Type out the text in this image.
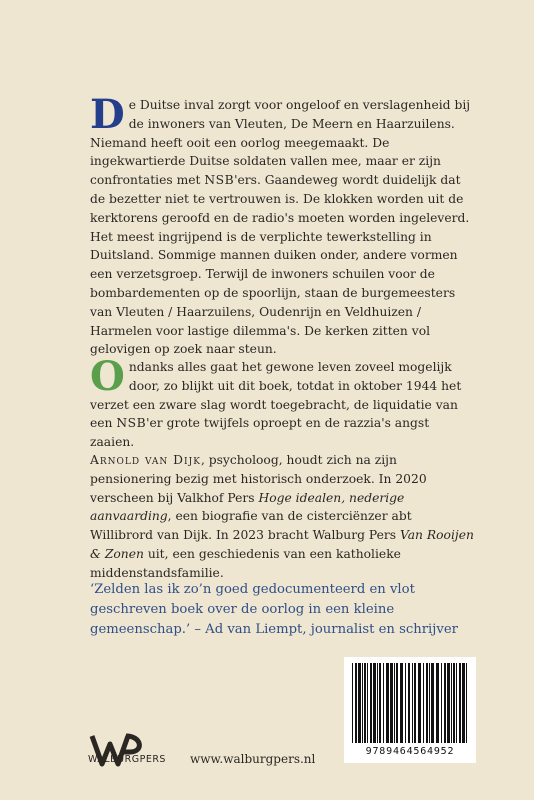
De Duitse inval zorgt voor ongeloof en verslagenheid bij de inwoners van Vleuten, De Meern en Haarzuilens. Niemand heeft ooit een oorlog meegemaakt. De ingekwartierde Duitse soldaten vallen mee, maar er zijn confrontaties met NSB'ers. Gaandeweg wordt duidelijk dat de bezetter niet te vertrouwen is. De klokken worden uit de kerktorens geroofd en de radio's moeten worden ingeleverd. Het meest ingrijpend is de verplichte tewerkstelling in Duitsland. Sommige mannen duiken onder, andere vormen een verzetsgroep. Terwijl de inwoners schuilen voor de bombardementen op de spoorlijn, staan de burgemeesters van Vleuten / Haarzuilens, Oudenrijn en Veldhuizen / Harmelen voor lastige dilemma's. De kerken zitten vol gelovigen op zoek naar steun.
Ondanks alles gaat het gewone leven zoveel mogelijk door, zo blijkt uit dit boek, totdat in oktober 1944 het verzet een zware slag wordt toegebracht, de liquidatie van een NSB'er grote twijfels oproept en de razzia's angst zaaien.
Arnold van Dijk, psycholoog, houdt zich na zijn pensionering bezig met historisch onderzoek. In 2020 verscheen bij Valkhof Pers Hoge idealen, nederige aanvaarding, een biografie van de cisterciënzer abt Willibrord van Dijk. In 2023 bracht Walburg Pers Van Rooijen & Zonen uit, een geschiedenis van een katholieke middenstandsfamilie.
‘Zelden las ik zo’n goed gedocumenteerd en vlot geschreven boek over de oorlog in een kleine gemeenschap.’ – Ad van Liempt, journalist en schrijver
WALBURGPERS www.walburgpers.nl
9789464564952
